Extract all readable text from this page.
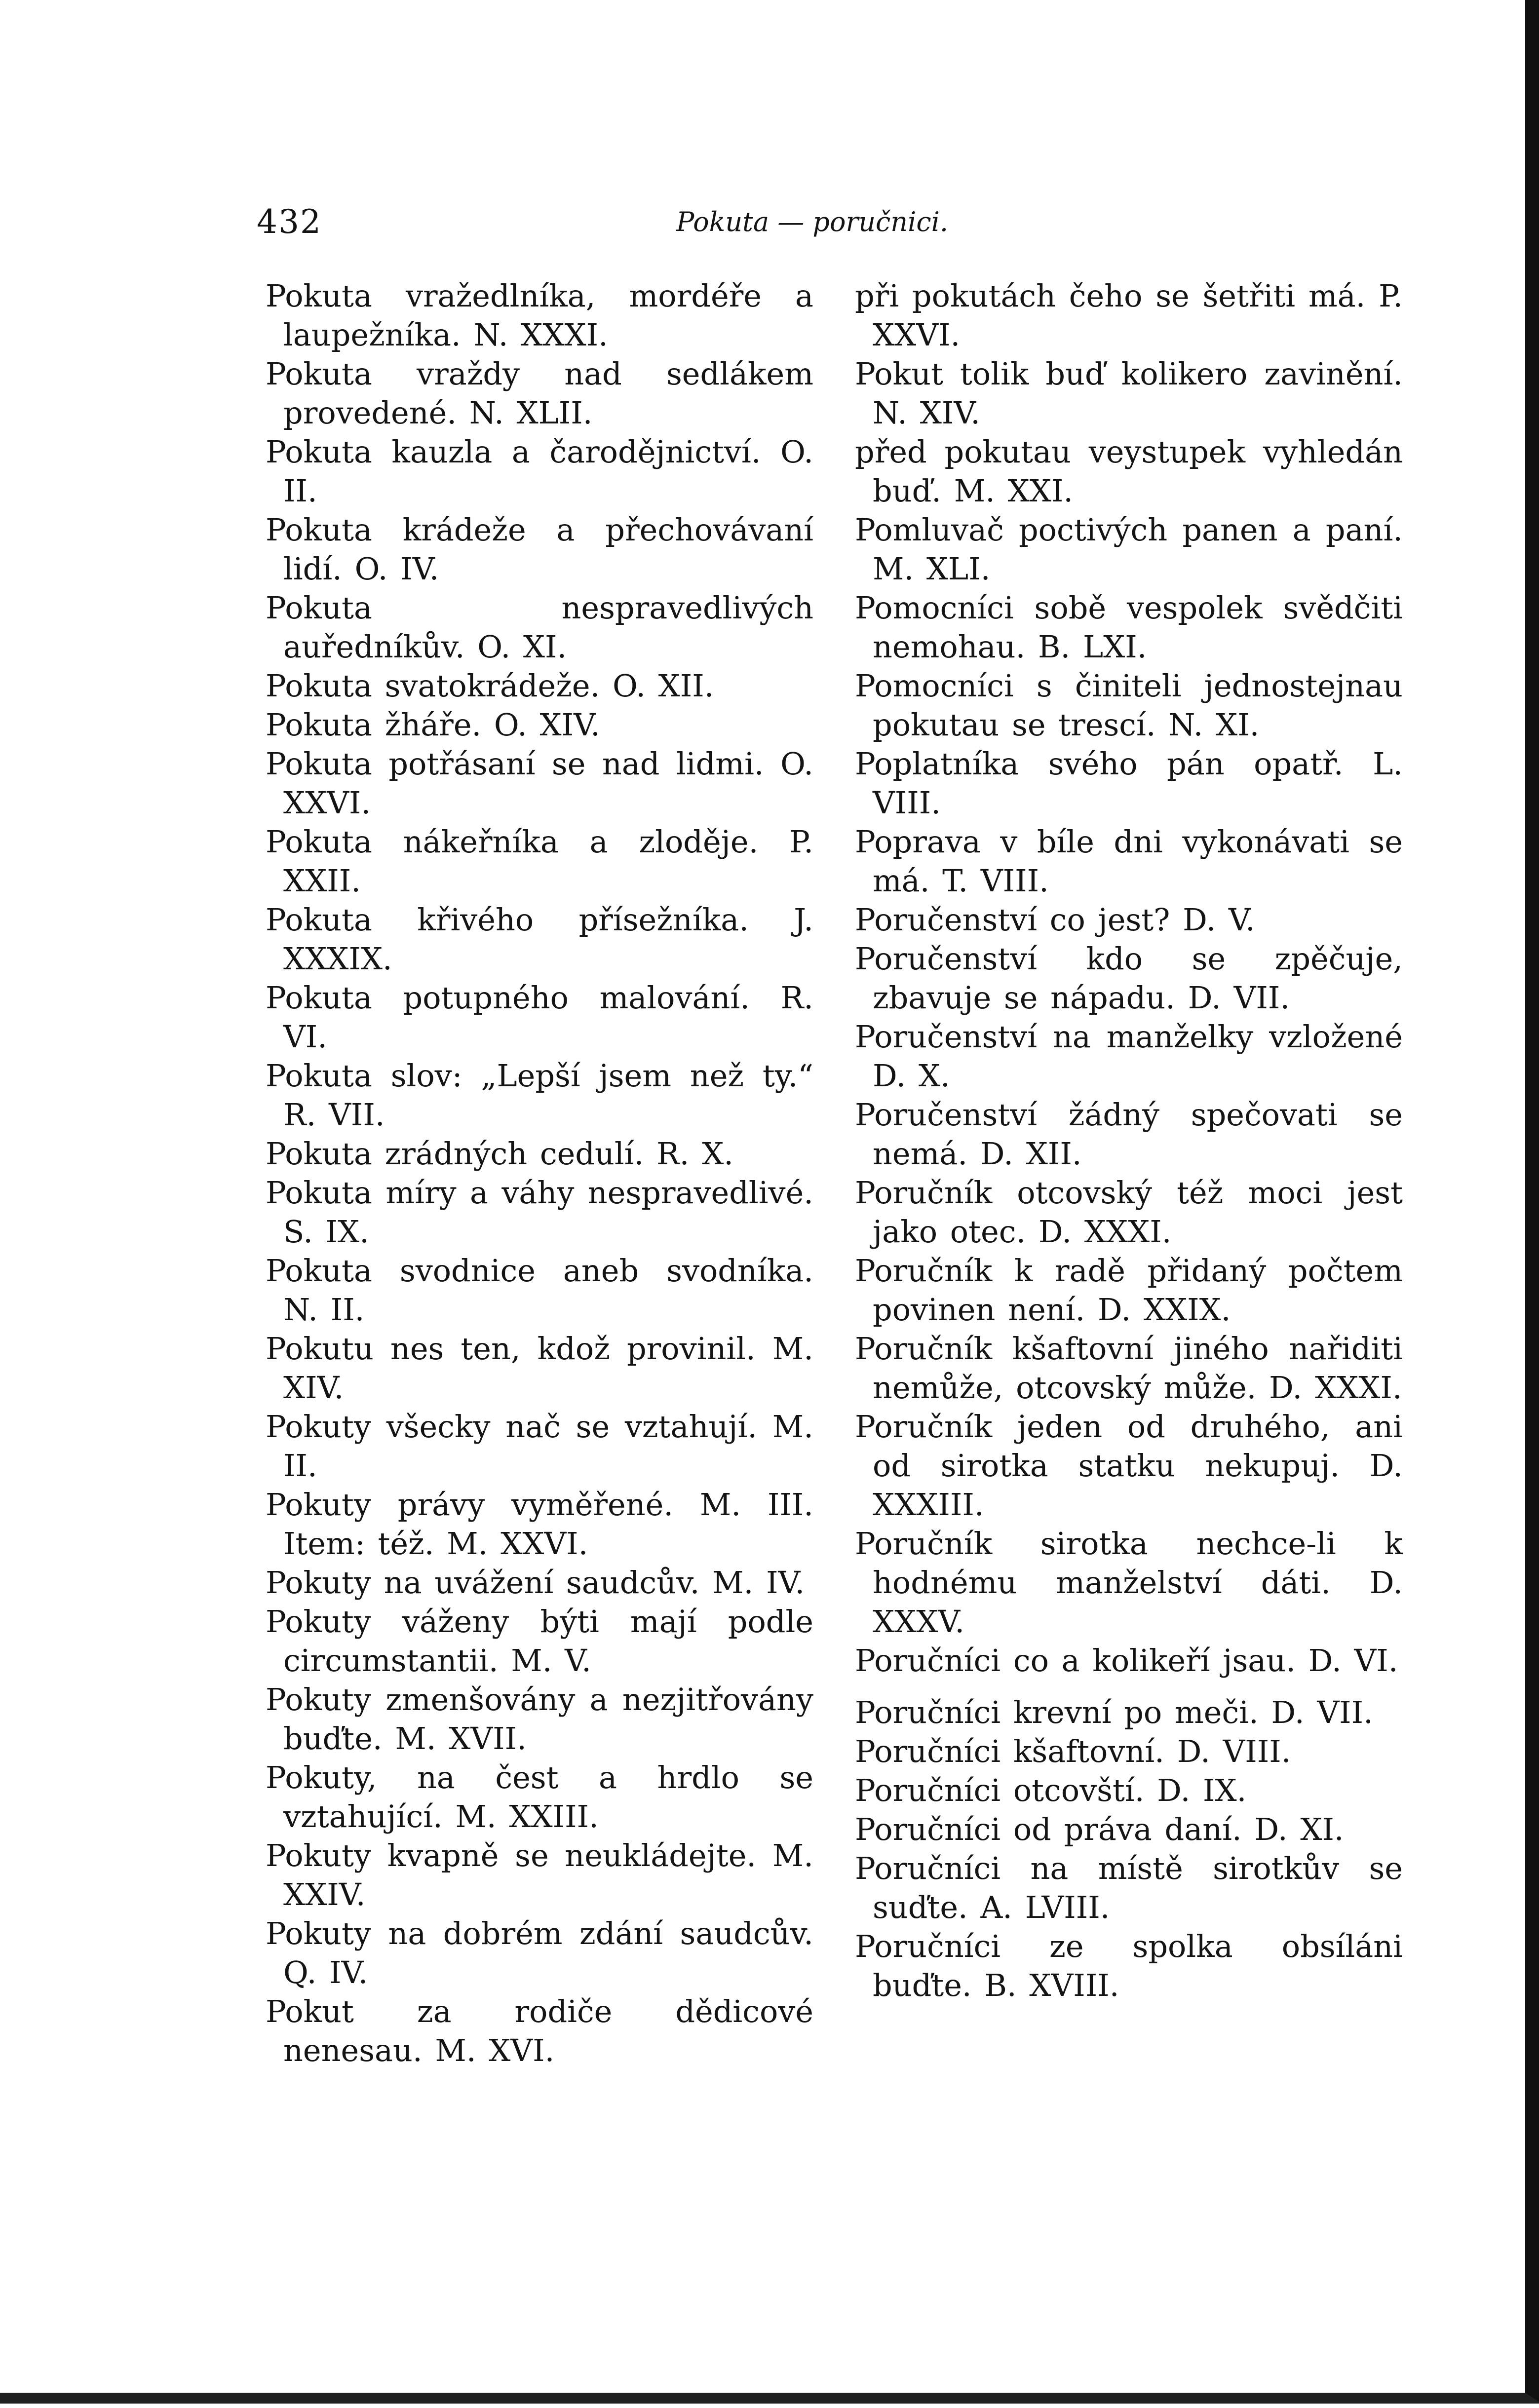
432	Pokuta — poručnici.
Pokuta vražedlníka, mordéře a laupežníka. N. XXXI.
Pokuta vraždy nad sedlákem provedené. N. XLII.
Pokuta kauzla a čarodějnictví. O. II.
Pokuta krádeže a přechovávaní lidí. O. IV.
Pokuta nespravedlivých auředníkův. O. XI.
Pokuta svatokrádeže. O. XII.
Pokuta žháře. O. XIV.
Pokuta potřásaní se nad lidmi. O. XXVI.
Pokuta nákeřníka a zloděje. P. XXII.
Pokuta křivého přísežníka. J. XXXIX.
Pokuta potupného malování. R. VI.
Pokuta slov: „Lepší jsem než ty.“ R. VII.
Pokuta zrádných cedulí. R. X.
Pokuta míry a váhy nespravedlivé. S. IX.
Pokuta svodnice aneb svodníka. N. II.
Pokutu nes ten, kdož provinil. M. XIV.
Pokuty všecky nač se vztahují. M. II.
Pokuty právy vyměřené. M. III. Item: též. M. XXVI.
Pokuty na uvážení saudcův. M. IV.
Pokuty váženy býti mají podle circumstantii. M. V.
Pokuty zmenšovány a nezjitřovány buďte. M. XVII.
Pokuty, na čest a hrdlo se vztahující. M. XXIII.
Pokuty kvapně se neukládejte. M. XXIV.
Pokuty na dobrém zdání saudcův. Q. IV.
Pokut za rodiče dědicové nenesau. M. XVI.
při pokutách čeho se šetřiti má. P. XXVI.
Pokut tolik buď kolikero zavinění. N. XIV.
před pokutau veystupek vyhledán buď. M. XXI.
Pomluvač poctivých panen a paní. M. XLI.
Pomocníci sobě vespolek svědčiti nemohau. B. LXI.
Pomocníci s činiteli jednostejnau pokutau se trescí. N. XI.
Poplatníka svého pán opatř. L. VIII.
Poprava v bíle dni vykonávati se má. T. VIII.
Poručenství co jest? D. V.
Poručenství kdo se zpěčuje, zbavuje se nápadu. D. VII.
Poručenství na manželky vzložené D. X.
Poručenství žádný spečovati se nemá. D. XII.
Poručník otcovský též moci jest jako otec. D. XXXI.
Poručník k radě přidaný počtem povinen není. D. XXIX.
Poručník kšaftovní jiného nařiditi nemůže, otcovský může. D. XXXI.
Poručník jeden od druhého, ani od sirotka statku nekupuj. D. XXXIII.
Poručník sirotka nechce-li k hodnému manželství dáti. D. XXXV.
Poručníci co a kolikeří jsau. D. VI.
Poručníci krevní po meči. D. VII.
Poručníci kšaftovní. D. VIII.
Poručníci otcovští. D. IX.
Poručníci od práva daní. D. XI.
Poručníci na místě sirotkův se suďte. A. LVIII.
Poručníci ze spolka obsíláni buďte. B. XVIII.
